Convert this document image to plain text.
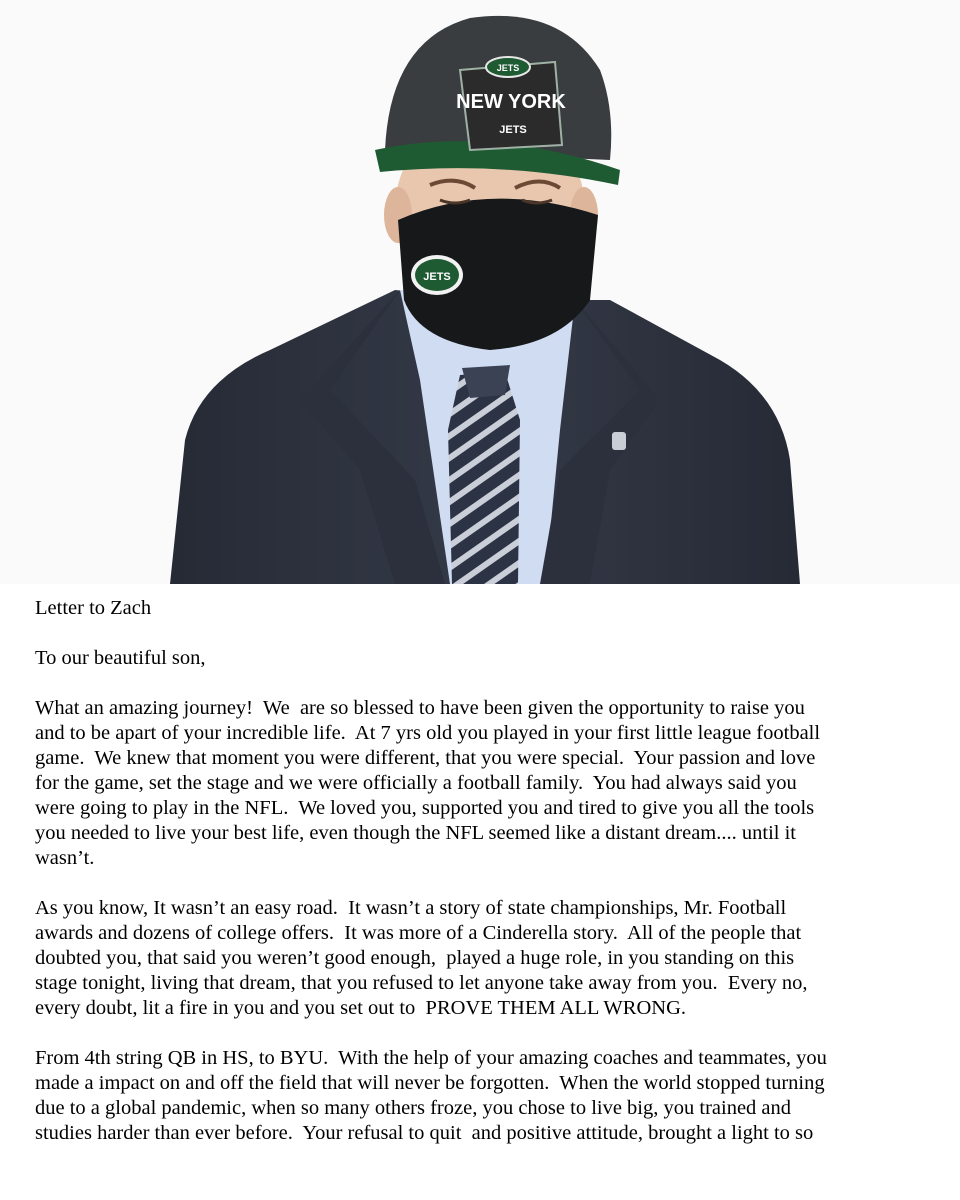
JETS
JETS
NEW YORK
JETS
Letter to Zach
To our beautiful son,
What an amazing journey!  We  are so blessed to have been given the opportunity to raise you
and to be apart of your incredible life.  At 7 yrs old you played in your first little league football
game.  We knew that moment you were different, that you were special.  Your passion and love
for the game, set the stage and we were officially a football family.  You had always said you
were going to play in the NFL.  We loved you, supported you and tired to give you all the tools
you needed to live your best life, even though the NFL seemed like a distant dream.... until it
wasn’t.
As you know, It wasn’t an easy road.  It wasn’t a story of state championships, Mr. Football
awards and dozens of college offers.  It was more of a Cinderella story.  All of the people that
doubted you, that said you weren’t good enough,  played a huge role, in you standing on this
stage tonight, living that dream, that you refused to let anyone take away from you.  Every no,
every doubt, lit a fire in you and you set out to  PROVE THEM ALL WRONG.
From 4th string QB in HS, to BYU.  With the help of your amazing coaches and teammates, you
made a impact on and off the field that will never be forgotten.  When the world stopped turning
due to a global pandemic, when so many others froze, you chose to live big, you trained and
studies harder than ever before.  Your refusal to quit  and positive attitude, brought a light to so
